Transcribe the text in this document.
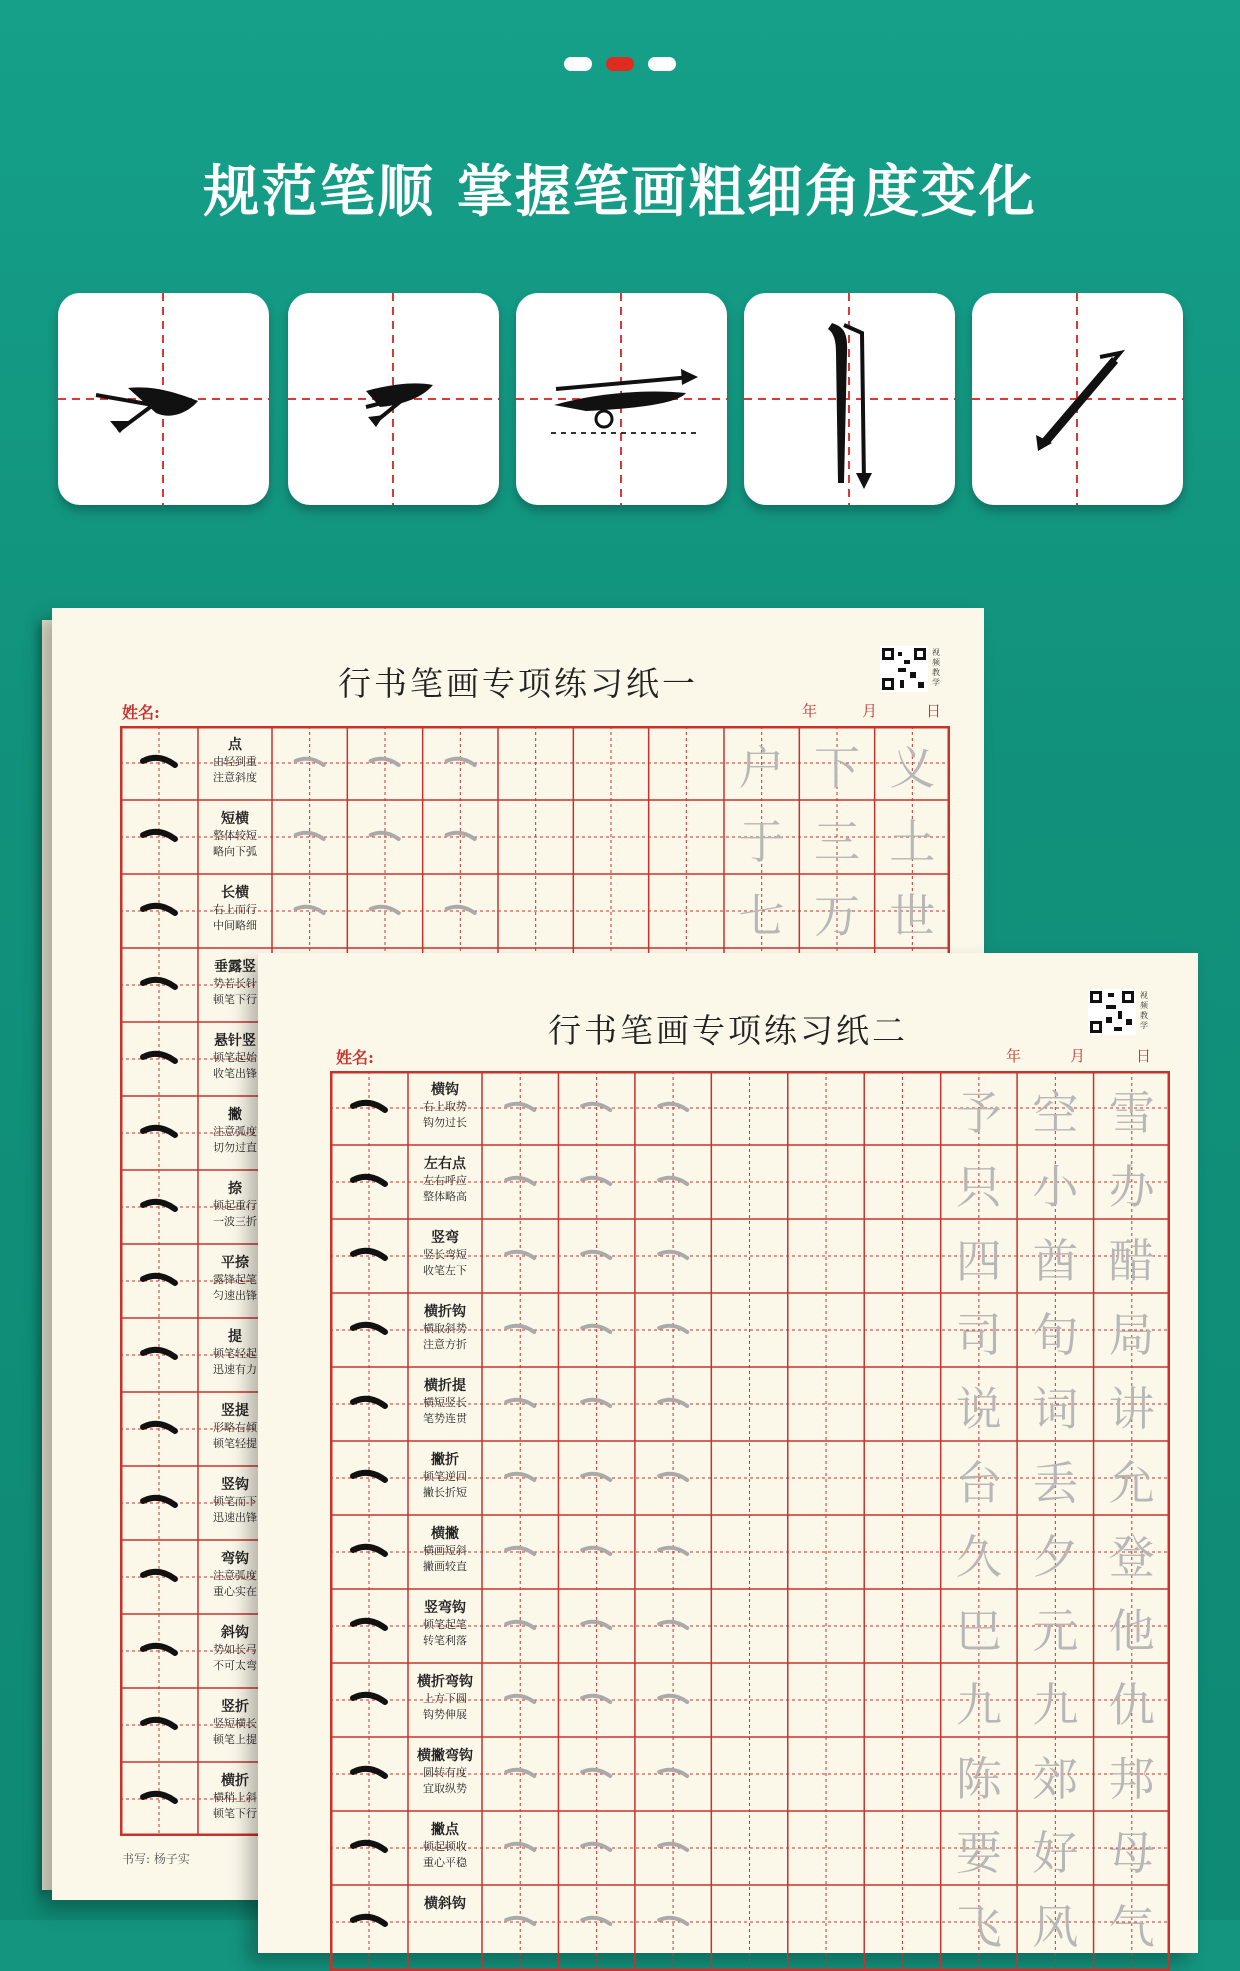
规范笔顺 掌握笔画粗细角度变化
行书笔画专项练习纸一
视频教学
姓名:	年	月	日
点
由轻到重 注意斜度	户 下 义
短横
整体较短 略向下弧	于 三 土
长横
右上而行 中间略细	七 万 世
垂露竖
势若长针 顿笔下行
悬针竖
顿笔起始 收笔出锋
撇
注意弧度 切勿过直
捺
顿起重行 一波三折
平捺
露锋起笔 匀速出锋
提
顿笔轻起 迅速有力
竖提
形略右倾 顿笔轻提
竖钩
顿笔而下 迅速出锋
弯钩
注意弧度 重心实在
斜钩
势如长弓 不可太弯
竖折
竖短横长 顿笔上提
横折
横稍上斜 顿笔下行
书写: 杨子实
行书笔画专项练习纸二
视频教学
姓名:	年	月	日
横钩
右上取势 钩勿过长	予 空 雪
左右点
左右呼应 整体略高	只 小 办
竖弯
竖长弯短 收笔左下	四 酋 醋
横折钩
横取斜势 注意方折	司 旬 局
横折提
横短竖长 笔势连贯	说 词 讲
撇折
顿笔逆回 撇长折短	台 丢 允
横撇
横画短斜 撇画较直	久 夕 登
竖弯钩
顿笔起笔 转笔利落	巴 元 他
横折弯钩
上方下圆 钩势伸展	九 九 仇
横撇弯钩
圆转有度 宜取纵势	陈 郊 邦
撇点
顿起顿收 重心平稳	要 好 母
横斜钩	飞 风 气
